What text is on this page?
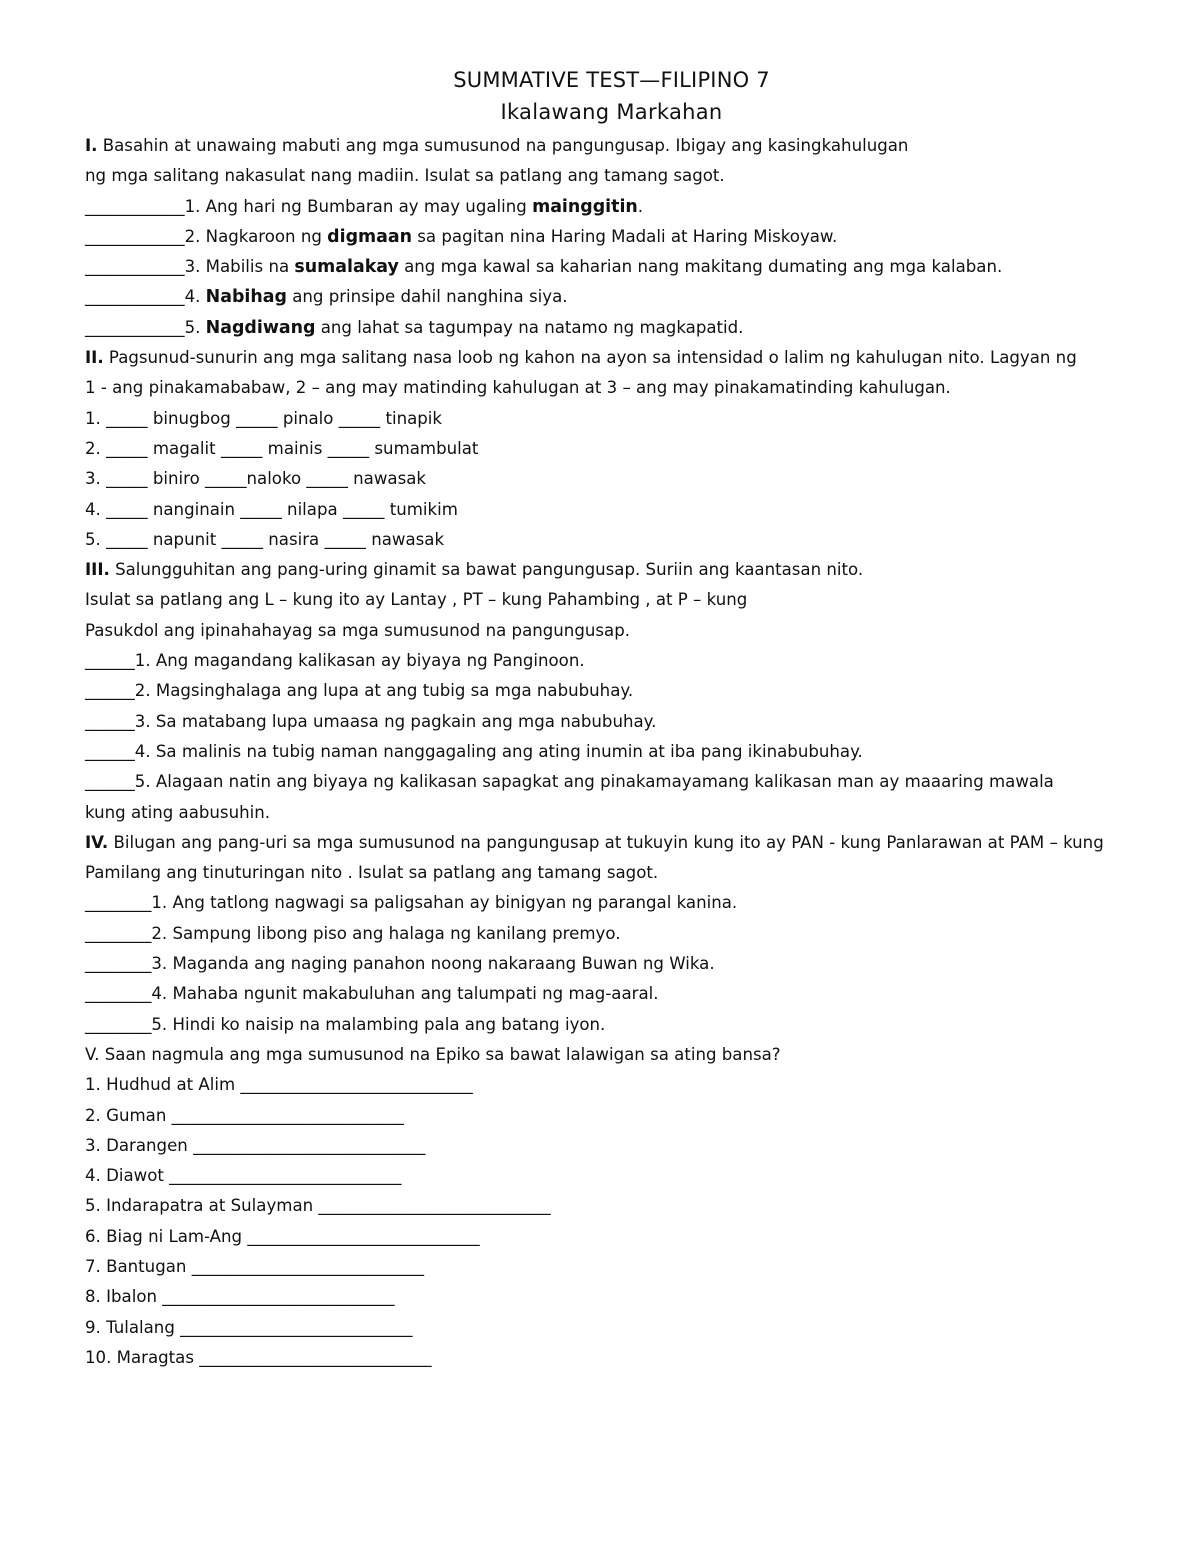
SUMMATIVE TEST—FILIPINO 7
Ikalawang Markahan
I. Basahin at unawaing mabuti ang mga sumusunod na pangungusap. Ibigay ang kasingkahulugan
ng mga salitang nakasulat nang madiin. Isulat sa patlang ang tamang sagot.
____________1. Ang hari ng Bumbaran ay may ugaling mainggitin.
____________2. Nagkaroon ng digmaan sa pagitan nina Haring Madali at Haring Miskoyaw.
____________3. Mabilis na sumalakay ang mga kawal sa kaharian nang makitang dumating ang mga kalaban.
____________4. Nabihag ang prinsipe dahil nanghina siya.
____________5. Nagdiwang ang lahat sa tagumpay na natamo ng magkapatid.
II. Pagsunud-sunurin ang mga salitang nasa loob ng kahon na ayon sa intensidad o lalim ng kahulugan nito. Lagyan ng
1 - ang pinakamababaw, 2 – ang may matinding kahulugan at 3 – ang may pinakamatinding kahulugan.
1. _____ binugbog _____ pinalo _____ tinapik
2. _____ magalit _____ mainis _____ sumambulat
3. _____ biniro _____naloko _____ nawasak
4. _____ nanginain _____ nilapa _____ tumikim
5. _____ napunit _____ nasira _____ nawasak
III. Salungguhitan ang pang-uring ginamit sa bawat pangungusap. Suriin ang kaantasan nito.
Isulat sa patlang ang L – kung ito ay Lantay , PT – kung Pahambing , at P – kung
Pasukdol ang ipinahahayag sa mga sumusunod na pangungusap.
______1. Ang magandang kalikasan ay biyaya ng Panginoon.
______2. Magsinghalaga ang lupa at ang tubig sa mga nabubuhay.
______3. Sa matabang lupa umaasa ng pagkain ang mga nabubuhay.
______4. Sa malinis na tubig naman nanggagaling ang ating inumin at iba pang ikinabubuhay.
______5. Alagaan natin ang biyaya ng kalikasan sapagkat ang pinakamayamang kalikasan man ay maaaring mawala
kung ating aabusuhin.
IV. Bilugan ang pang-uri sa mga sumusunod na pangungusap at tukuyin kung ito ay PAN - kung Panlarawan at PAM – kung
Pamilang ang tinuturingan nito . Isulat sa patlang ang tamang sagot.
________1. Ang tatlong nagwagi sa paligsahan ay binigyan ng parangal kanina.
________2. Sampung libong piso ang halaga ng kanilang premyo.
________3. Maganda ang naging panahon noong nakaraang Buwan ng Wika.
________4. Mahaba ngunit makabuluhan ang talumpati ng mag-aaral.
________5. Hindi ko naisip na malambing pala ang batang iyon.
V. Saan nagmula ang mga sumusunod na Epiko sa bawat lalawigan sa ating bansa?
1. Hudhud at Alim ____________________________
2. Guman ____________________________
3. Darangen ____________________________
4. Diawot ____________________________
5. Indarapatra at Sulayman ____________________________
6. Biag ni Lam-Ang ____________________________
7. Bantugan ____________________________
8. Ibalon ____________________________
9. Tulalang ____________________________
10. Maragtas ____________________________
